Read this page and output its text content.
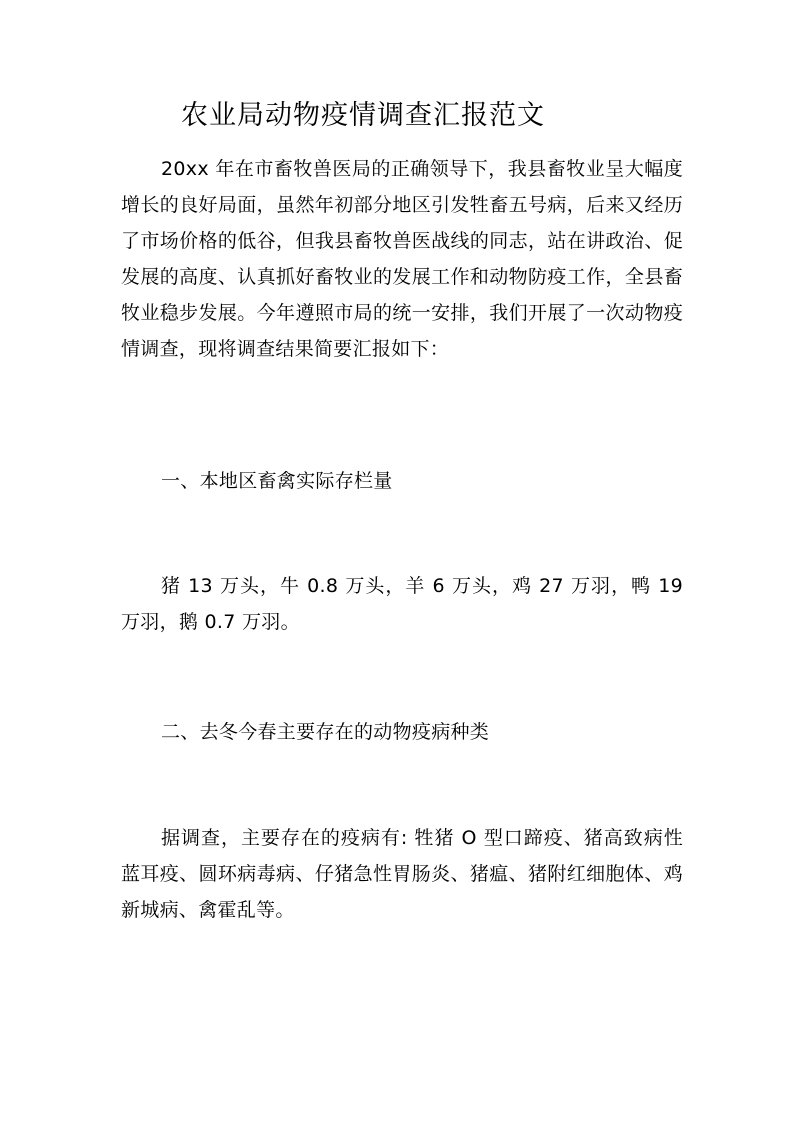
农业局动物疫情调查汇报范文

20xx 年在市畜牧兽医局的正确领导下，我县畜牧业呈大幅度增长的良好局面，虽然年初部分地区引发牲畜五号病，后来又经历了市场价格的低谷，但我县畜牧兽医战线的同志，站在讲政治、促发展的高度、认真抓好畜牧业的发展工作和动物防疫工作，全县畜牧业稳步发展。今年遵照市局的统一安排，我们开展了一次动物疫情调查，现将调查结果简要汇报如下：

一、本地区畜禽实际存栏量

猪 13 万头，牛 0.8 万头，羊 6 万头，鸡 27 万羽，鸭 19 万羽，鹅 0.7 万羽。

二、去冬今春主要存在的动物疫病种类

据调查，主要存在的疫病有: 牲猪 O 型口蹄疫、猪高致病性蓝耳疫、圆环病毒病、仔猪急性胃肠炎、猪瘟、猪附红细胞体、鸡新城病、禽霍乱等。
